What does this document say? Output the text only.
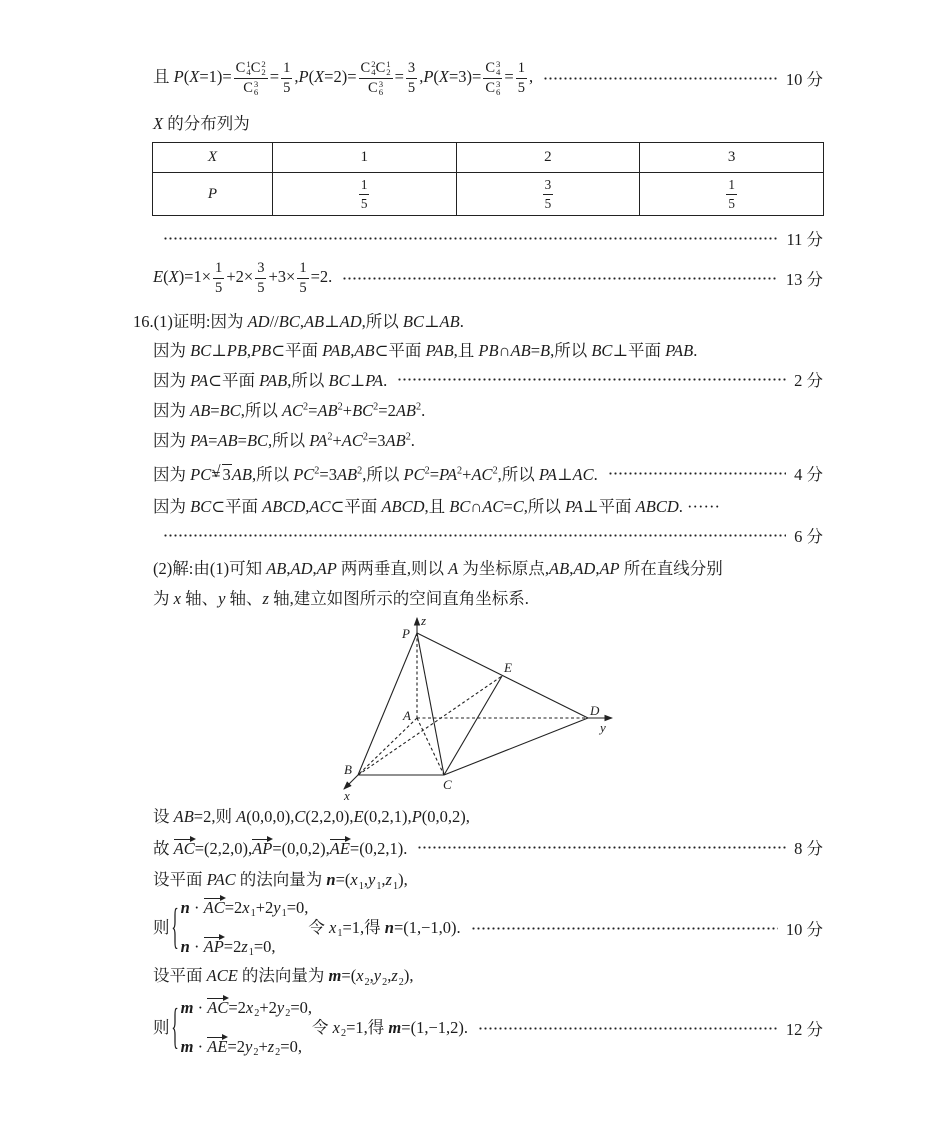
且 P(X=1)= C 1
4 C 2
2
C 3
$6 = \frac{1}{5} ,P(X=2)= C$ 2
4 C 1
2
C 3
$6 = \frac{3}{5} ,P(X=3)= C$ 3
4
C 3
$6 = \frac{1}{5}$ ,	10 分
X 的分布列为
11 分
$E(X)=1\times \frac{1}{5} +2\times \frac{3}{5} +3\times \frac{1}{5} =2$.	13 分
16.(1)证明:因为 AD//BC,AB⊥AD,所以 BC⊥AB.
因为 BC⊥PB,PB⊂平面 PAB,AB⊂平面 PAB,且 PB∩AB=B,所以 BC⊥平面 PAB.
因为 PA⊂平面 PAB,所以 BC⊥PA.	2 分
因为 AB=BC,所以 $AC^2=AB^2+BC^2=2AB^2$.
因为 PA=AB=BC,所以 $PA^2+AC^2=3AB^2$.
因为 PC= √ 3AB,所以 $PC^2=3AB^2$,所以 $PC^2=PA^2+AC^2$,所以 PA⊥AC.	4 分
因为 BC⊂平面 ABCD,AC⊂平面 ABCD,且 BC∩AC=C,所以 PA⊥平面 ABCD. ······
6 分
(2)解:由(1)可知 AB,AD,AP 两两垂直,则以 A 为坐标原点,AB,AD,AP 所在直线分别
为 x 轴、y 轴、z 轴,建立如图所示的空间直角坐标系.
设 AB=2,则 A(0,0,0),C(2,2,0),E(0,2,1),P(0,0,2),
故 AC=(2,2,0),AP=(0,0,2),AE=(0,2,1).	8 分
设平面 PAC 的法向量为 $n=(x_1,y_1,z_1)$,
则 { $n \cdot AC=2x_1+2y_1=0$,
$n \cdot AP=2z_1=0$,
令 $x_1=1$,得 n=(1,−1,0).	10 分
设平面 ACE 的法向量为 $m=(x_2,y_2,z_2)$,
则 { $m \cdot AC=2x_2+2y_2=0$,
$m \cdot AE=2y_2+z_2=0$,
令 $x_2=1$,得 m=(1,−1,2).	12 分
X	1	2	3
P	$\frac{1}{5}$	$\frac{3}{5}$	$\frac{1}{5}$
P
z
E
A	D
y
B
C
x
